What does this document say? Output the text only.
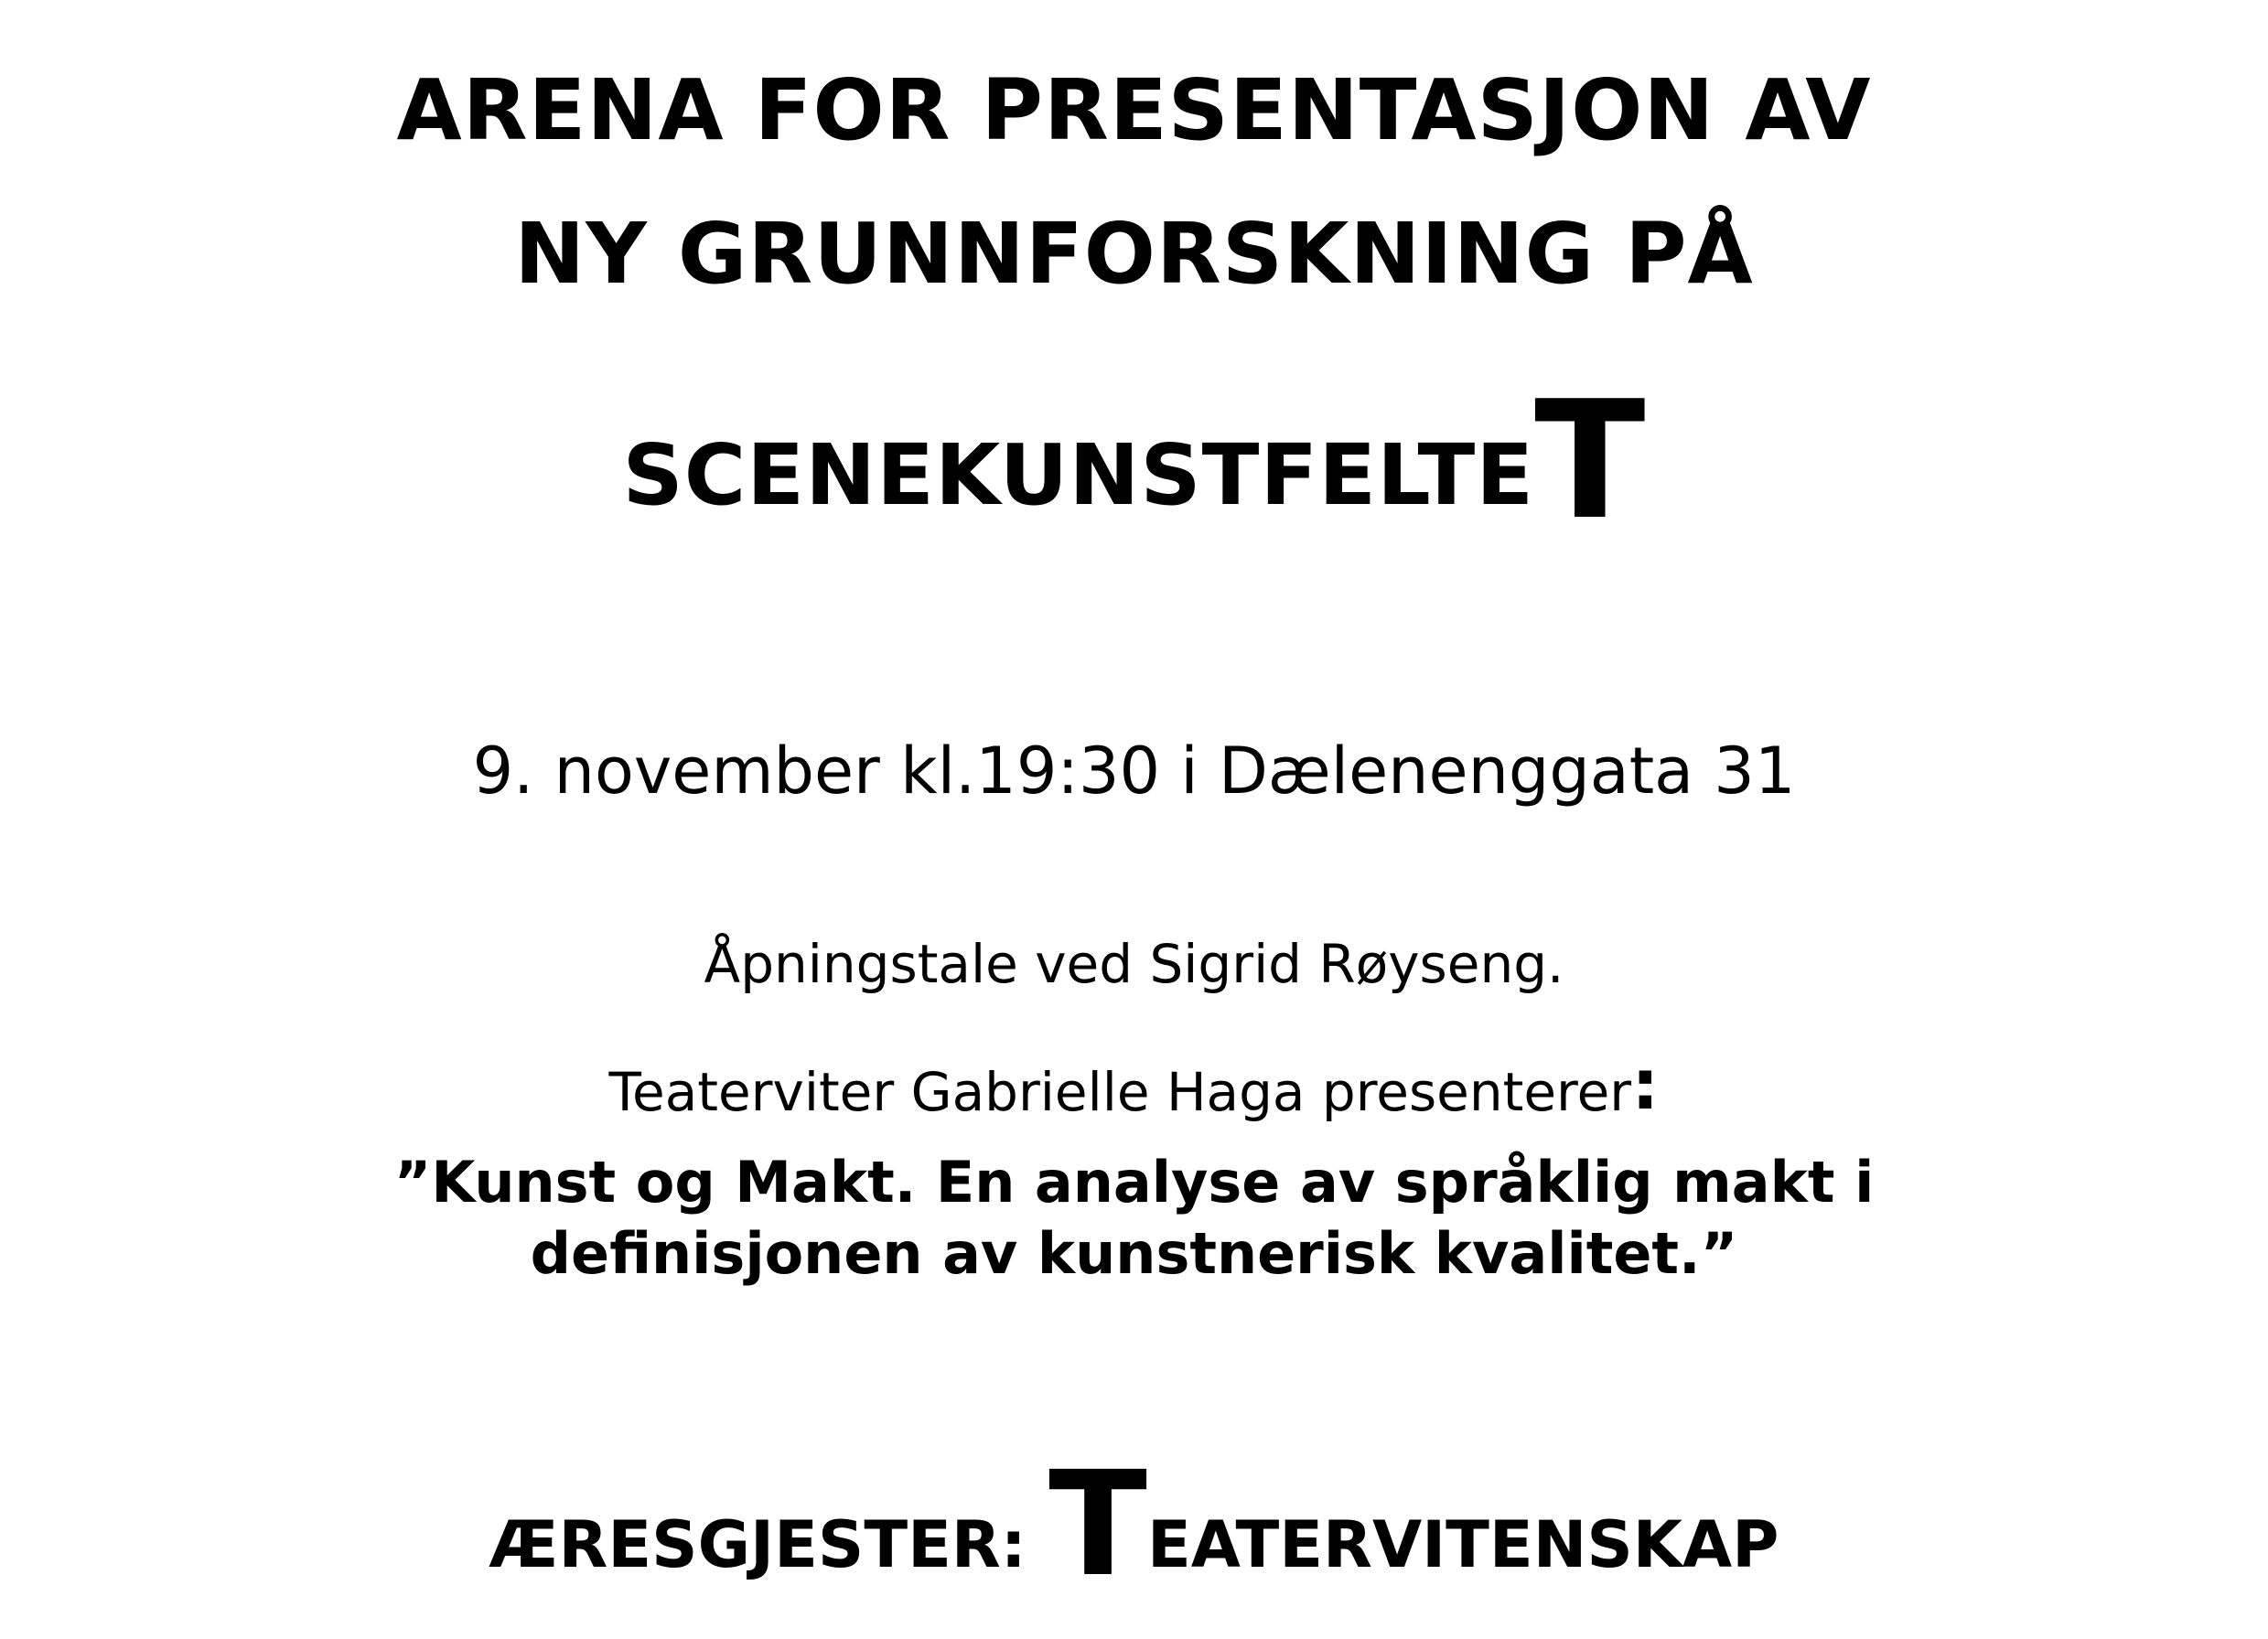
ARENA FOR PRESENTASJON AV
NY GRUNNFORSKNING PÅ
SCENEKUNSTFELTET
9. november kl.19:30 i Dælenenggata 31
Åpningstale ved Sigrid Røyseng.
Teaterviter Gabrielle Haga presenterer:
”Kunst og Makt. En analyse av språklig makt i
definisjonen av kunstnerisk kvalitet.”
ÆRESGJESTER: TEATERVITENSKAP
